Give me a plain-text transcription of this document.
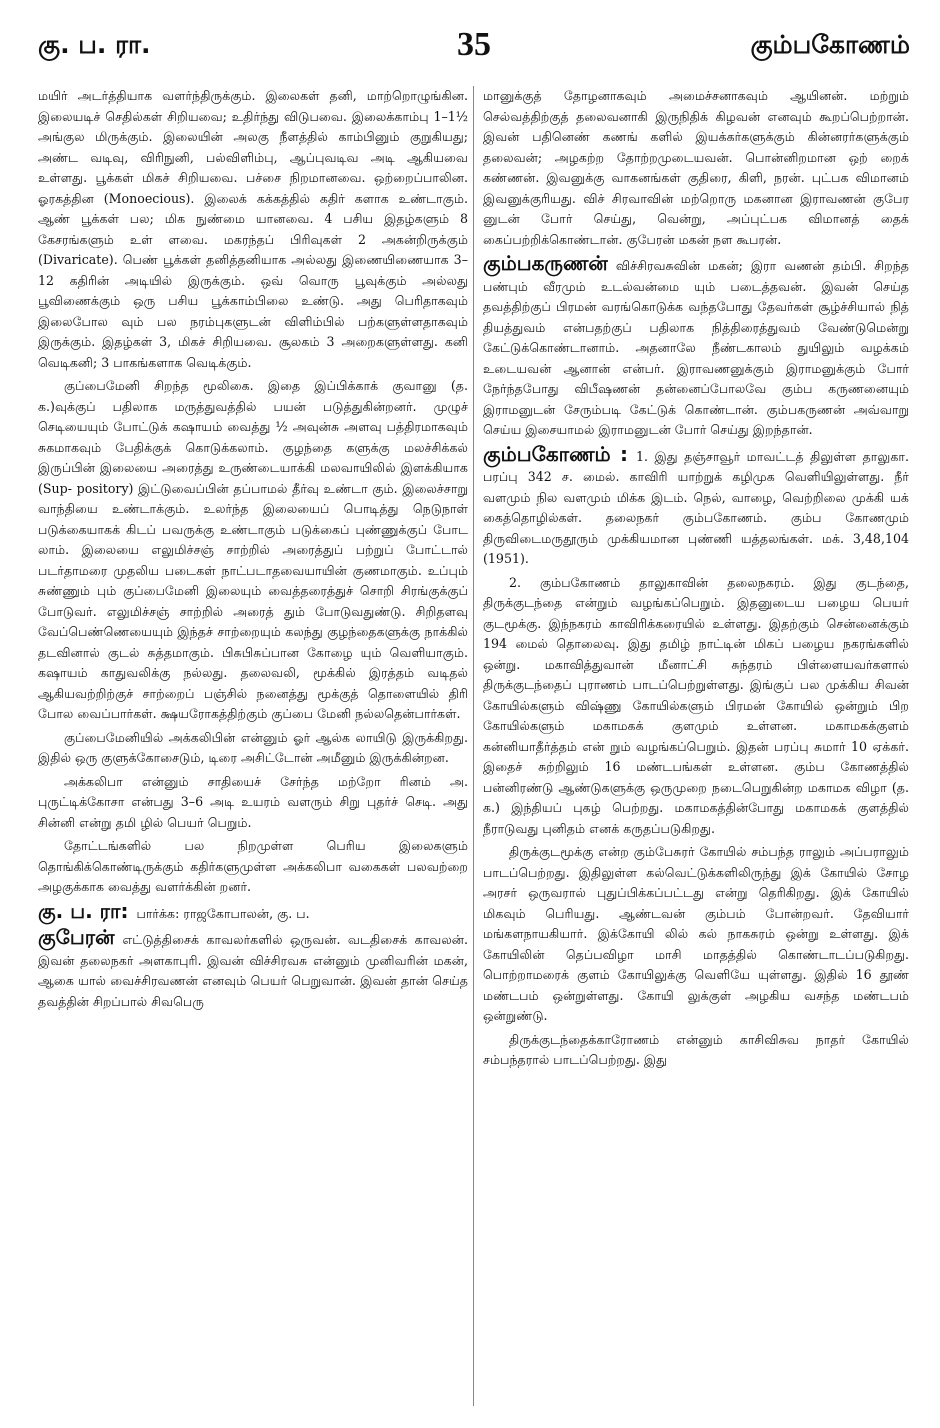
கு. ப. ரா.	35	கும்பகோணம்

மயிர் அடர்த்தியாக வளர்ந்திருக்கும். இலைகள் தனி, மாற்றொழுங்கின. இலையடிச் செதில்கள் சிறியவை; உதிர்ந்து விடுபவை. இலைக்காம்பு 1–1½ அங்குல மிருக்கும். இலையின் அலகு நீளத்தில் காம்பினும் குறுகியது; அண்ட வடிவு, விரிநுனி, பல்விளிம்பு, ஆப்புவடிவ அடி ஆகியவை உள்ளது. பூக்கள் மிகச் சிறியவை. பச்சை நிறமானவை. ஒற்றைப்பாலின. ஓரகத்தின (Monoecious). இலைக் கக்கத்தில் கதிர் களாக உண்டாகும். ஆண் பூக்கள் பல; மிக நுண்மை யானவை. 4 பசிய இதழ்களும் 8 கேசரங்களும் உள் ளவை. மகரந்தப் பிரிவுகள் 2 அகன்றிருக்கும் (Divaricate). பெண் பூக்கள் தனித்தனியாக அல்லது இணையிணையாக 3–12 கதிரின் அடியில் இருக்கும். ஒவ் வொரு பூவுக்கும் அல்லது பூவிணைக்கும் ஒரு பசிய பூக்காம்பிலை உண்டு. அது பெரிதாகவும் இலைபோல வும் பல நரம்புகளுடன் விளிம்பில் பற்களுள்ளதாகவும் இருக்கும். இதழ்கள் 3, மிகச் சிறியவை. சூலகம் 3 அறைகளுள்ளது. கனி வெடிகனி; 3 பாகங்களாக வெடிக்கும்.

குப்பைமேனி சிறந்த மூலிகை. இதை இப்பிக்காக் குவானு (த. க.)வுக்குப் பதிலாக மருத்துவத்தில் பயன் படுத்துகின்றனர். முழுச் செடியையும் போட்டுக் கஷாயம் வைத்து ½ அவுன்சு அளவு பத்திரமாகவும் சுகமாகவும் பேதிக்குக் கொடுக்கலாம். குழந்தை களுக்கு மலச்சிக்கல் இருப்பின் இலையை அரைத்து உருண்டையாக்கி மலவாயிலில் இளக்கியாக (Sup- pository) இட்டுவைப்பின் தப்பாமல் தீர்வு உண்டா கும். இலைச்சாறு வாந்தியை உண்டாக்கும். உலர்ந்த இலையைப் பொடித்து நெடுநாள் படுக்கையாகக் கிடப் பவருக்கு உண்டாகும் படுக்கைப் புண்ணுக்குப் போட லாம். இலையை எலுமிச்சஞ் சாற்றில் அரைத்துப் பற்றுப் போட்டால் படர்தாமரை முதலிய படைகள் நாட்படாதவையாயின் குணமாகும். உப்பும் சுண்ணும் பும் குப்பைமேனி இலையும் வைத்தரைத்துச் சொறி சிரங்குக்குப் போடுவர். எலுமிச்சஞ் சாற்றில் அரைத் தும் போடுவதுண்டு. சிறிதளவு வேப்பெண்ணெயையும் இந்தச் சாற்றையும் கலந்து குழந்தைகளுக்கு நாக்கில் தடவினால் குடல் சுத்தமாகும். பிசுபிசுப்பான கோழை யும் வெளியாகும். கஷாயம் காதுவலிக்கு நல்லது. தலைவலி, மூக்கில் இரத்தம் வடிதல் ஆகியவற்றிற்குச் சாற்றைப் பஞ்சில் நனைத்து மூக்குத் தொளையில் திரி போல வைப்பார்கள். க்ஷயரோகத்திற்கும் குப்பை மேனி நல்லதென்பார்கள்.

குப்பைமேனியில் அக்கலிபின் என்னும் ஓர் ஆல்க லாயிடு இருக்கிறது. இதில் ஒரு குளுக்கோசைடும், டிரை அசிட்டோன் அமீனும் இருக்கின்றன.

அக்கலிபா என்னும் சாதியைச் சேர்ந்த மற்றோ ரினம் அ. புருட்டிக்கோசா என்பது 3–6 அடி உயரம் வளரும் சிறு புதர்ச் செடி. அது சின்னி என்று தமி ழில் பெயர் பெறும்.

தோட்டங்களில் பல நிறமுள்ள பெரிய இலைகளும் தொங்கிக்கொண்டிருக்கும் கதிர்களுமுள்ள அக்கலிபா வகைகள் பலவற்றை அழகுக்காக வைத்து வளர்க்கின் றனர்.

கு. ப. ரா: பார்க்க: ராஜகோபாலன், கு. ப.

குபேரன் எட்டுத்திசைக் காவலர்களில் ஒருவன். வடதிசைக் காவலன். இவன் தலைநகர் அளகாபுரி. இவன் விச்சிரவசு என்னும் முனிவரின் மகன், ஆகை யால் வைச்சிரவணன் எனவும் பெயர் பெறுவான். இவன் தான் செய்த தவத்தின் சிறப்பால் சிவபெரு

மானுக்குத் தோழனாகவும் அமைச்சனாகவும் ஆயினன். மற்றும் செல்வத்திற்குத் தலைவனாகி இருநிதிக் கிழவன் எனவும் கூறப்பெற்றான். இவன் பதினெண் கணங் களில் இயக்கர்களுக்கும் கின்னரர்களுக்கும் தலைவன்; அழகற்ற தோற்றமுடையவன். பொன்னிறமான ஒற் றைக் கண்ணன். இவனுக்கு வாகனங்கள் குதிரை, கிளி, நரன். புட்பக விமானம் இவனுக்குரியது. விச் சிரவாவின் மற்றொரு மகனான இராவணன் குபேர னுடன் போர் செய்து, வென்று, அப்புட்பக விமானத் தைக் கைப்பற்றிக்கொண்டான். குபேரன் மகன் நள கூபரன்.

கும்பகருணன் விச்சிரவசுவின் மகன்; இரா வணன் தம்பி. சிறந்த பண்பும் வீரமும் உடல்வன்மை யும் படைத்தவன். இவன் செய்த தவத்திற்குப் பிரமன் வரங்கொடுக்க வந்தபோது தேவர்கள் சூழ்ச்சியால் நித் தியத்துவம் என்பதற்குப் பதிலாக நித்திரைத்துவம் வேண்டுமென்று கேட்டுக்கொண்டானாம். அதனாலே நீண்டகாலம் துயிலும் வழக்கம் உடையவன் ஆனான் என்பர். இராவணனுக்கும் இராமனுக்கும் போர் நேர்ந்தபோது விபீஷணன் தன்னைப்போலவே கும்ப கருணனையும் இராமனுடன் சேரும்படி கேட்டுக் கொண்டான். கும்பகருணன் அவ்வாறு செய்ய இசையாமல் இராமனுடன் போர் செய்து இறந்தான்.

கும்பகோணம் : 1. இது தஞ்சாவூர் மாவட்டத் திலுள்ள தாலுகா. பரப்பு 342 ச. மைல். காவிரி யாற்றுக் கழிமுக வெளியிலுள்ளது. நீர் வளமும் நில வளமும் மிக்க இடம். நெல், வாழை, வெற்றிலை முக்கி யக் கைத்தொழில்கள். தலைநகர் கும்பகோணம். கும்ப கோணமும் திருவிடைமருதூரும் முக்கியமான புண்ணி யத்தலங்கள். மக். 3,48,104 (1951).

2. கும்பகோணம் தாலுகாவின் தலைநகரம். இது குடந்தை, திருக்குடந்தை என்றும் வழங்கப்பெறும். இதனுடைய பழைய பெயர் குடமூக்கு. இந்நகரம் காவிரிக்கரையில் உள்ளது. இதற்கும் சென்னைக்கும் 194 மைல் தொலைவு. இது தமிழ் நாட்டின் மிகப் பழைய நகரங்களில் ஒன்று. மகாவித்துவான் மீனாட்சி சுந்தரம் பிள்ளையவர்களால் திருக்குடந்தைப் புராணம் பாடப்பெற்றுள்ளது. இங்குப் பல முக்கிய சிவன் கோயில்களும் விஷ்ணு கோயில்களும் பிரமன் கோயில் ஒன்றும் பிற கோயில்களும் மகாமகக் குளமும் உள்ளன. மகாமகக்குளம் கன்னியாதீர்த்தம் என் றும் வழங்கப்பெறும். இதன் பரப்பு சுமார் 10 ஏக்கர். இதைச் சுற்றிலும் 16 மண்டபங்கள் உள்ளன. கும்ப கோணத்தில் பன்னிரண்டு ஆண்டுகளுக்கு ஒருமுறை நடைபெறுகின்ற மகாமக விழா (த. க.) இந்தியப் புகழ் பெற்றது. மகாமகத்தின்போது மகாமகக் குளத்தில் நீராடுவது புனிதம் எனக் கருதப்படுகிறது.

திருக்குடமூக்கு என்ற கும்பேசுரர் கோயில் சம்பந்த ராலும் அப்பராலும் பாடப்பெற்றது. இதிலுள்ள கல்வெட்டுக்களிலிருந்து இக் கோயில் சோழ அரசர் ஒருவரால் புதுப்பிக்கப்பட்டது என்று தெரிகிறது. இக் கோயில் மிகவும் பெரியது. ஆண்டவன் கும்பம் போன்றவர். தேவியார் மங்களநாயகியார். இக்கோயி லில் கல் நாகசுரம் ஒன்று உள்ளது. இக் கோயிலின் தெப்பவிழா மாசி மாதத்தில் கொண்டாடப்படுகிறது. பொற்றாமரைக் குளம் கோயிலுக்கு வெளியே யுள்ளது. இதில் 16 தூண் மண்டபம் ஒன்றுள்ளது. கோயி லுக்குள் அழகிய வசந்த மண்டபம் ஒன்றுண்டு.

திருக்குடந்தைக்காரோணம் என்னும் காசிவிசுவ நாதர் கோயில் சம்பந்தரால் பாடப்பெற்றது. இது
